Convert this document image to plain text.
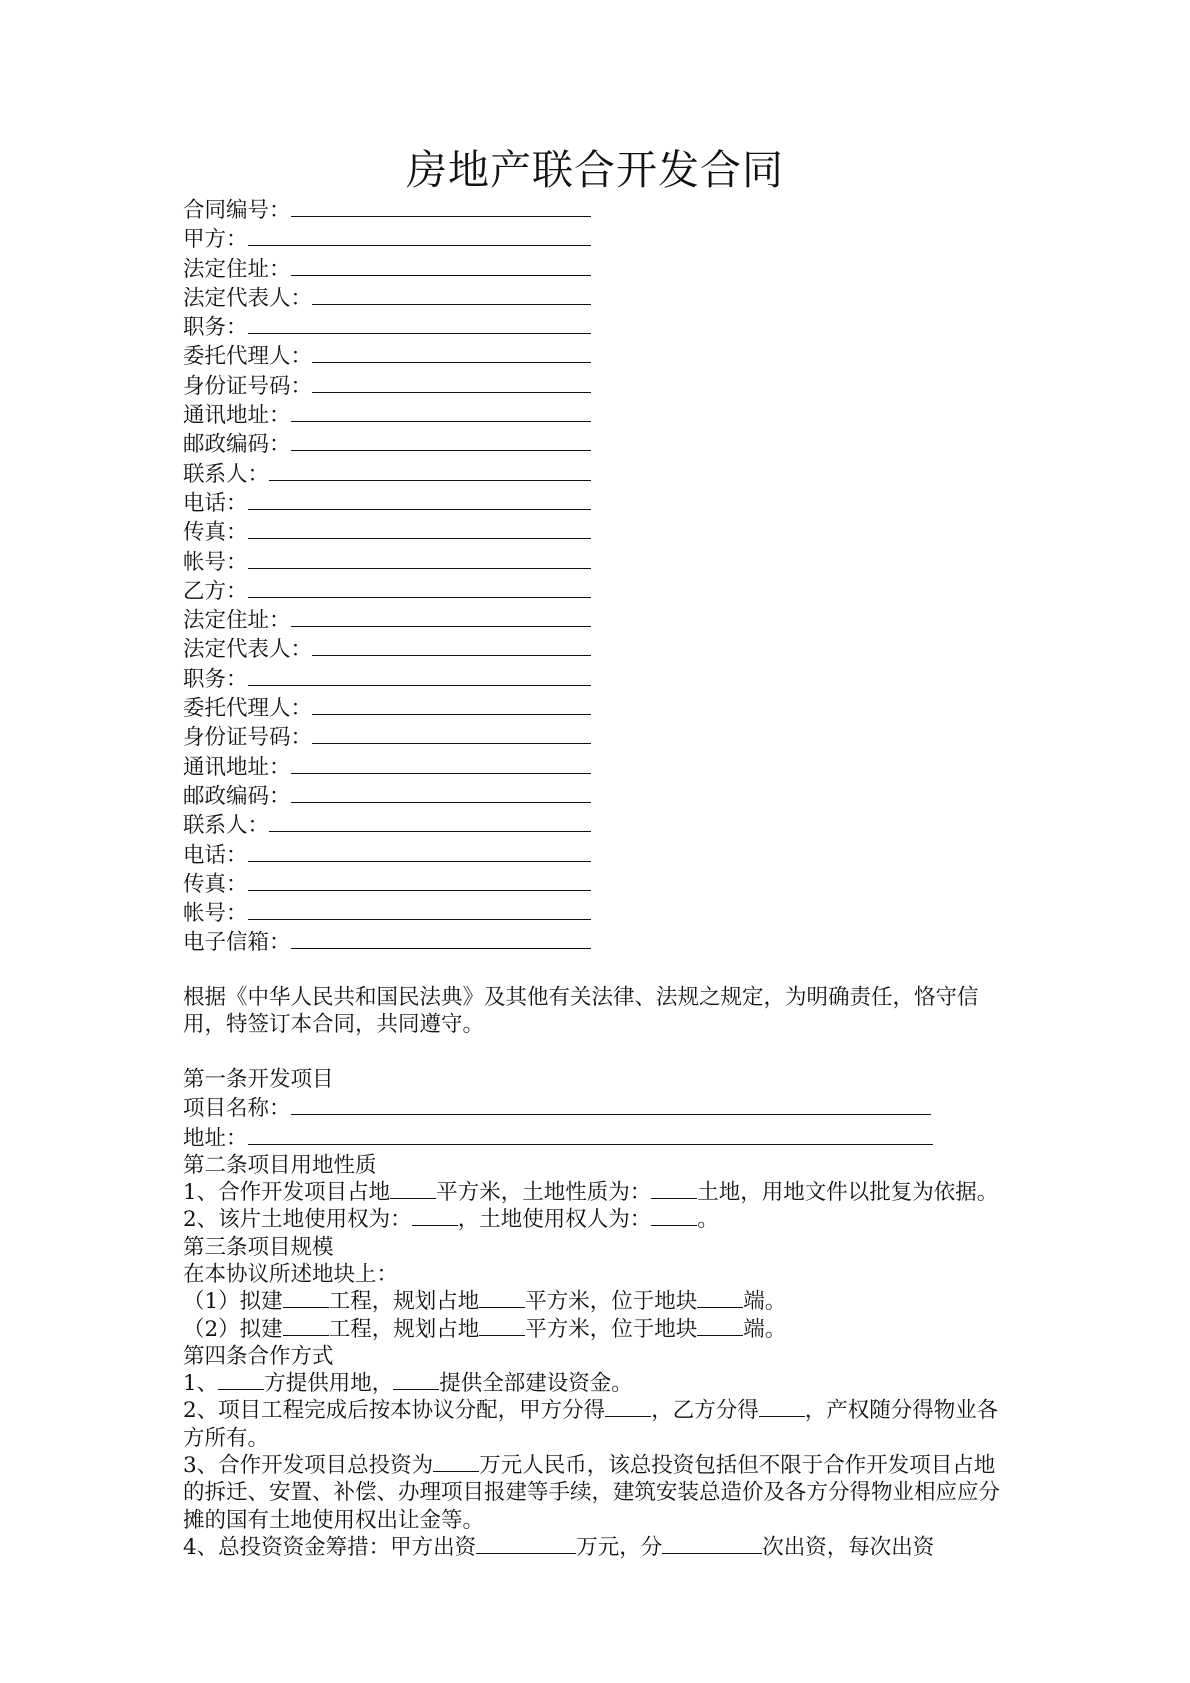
房地产联合开发合同
合同编号：
甲方：
法定住址：
法定代表人：
职务：
委托代理人：
身份证号码：
通讯地址：
邮政编码：
联系人：
电话：
传真：
帐号：
乙方：
法定住址：
法定代表人：
职务：
委托代理人：
身份证号码：
通讯地址：
邮政编码：
联系人：
电话：
传真：
帐号：
电子信箱：
根据《中华人民共和国民法典》及其他有关法律、法规之规定，为明确责任，恪守信用，特签订本合同，共同遵守。
第一条开发项目
项目名称：
地址：
第二条项目用地性质
1、合作开发项目占地 平方米，土地性质为： 土地，用地文件以批复为依据。
2、该片土地使用权为： ，土地使用权人为： 。
第三条项目规模
在本协议所述地块上：
（1）拟建 工程，规划占地 平方米，位于地块 端。
（2）拟建 工程，规划占地 平方米，位于地块 端。
第四条合作方式
1、 方提供用地， 提供全部建设资金。
2、项目工程完成后按本协议分配，甲方分得 ，乙方分得 ，产权随分得物业各方所有。
3、合作开发项目总投资为 万元人民币，该总投资包括但不限于合作开发项目占地的拆迁、安置、补偿、办理项目报建等手续，建筑安装总造价及各方分得物业相应应分摊的国有土地使用权出让金等。
4、总投资资金筹措：甲方出资	万元，分	次出资，每次出资
